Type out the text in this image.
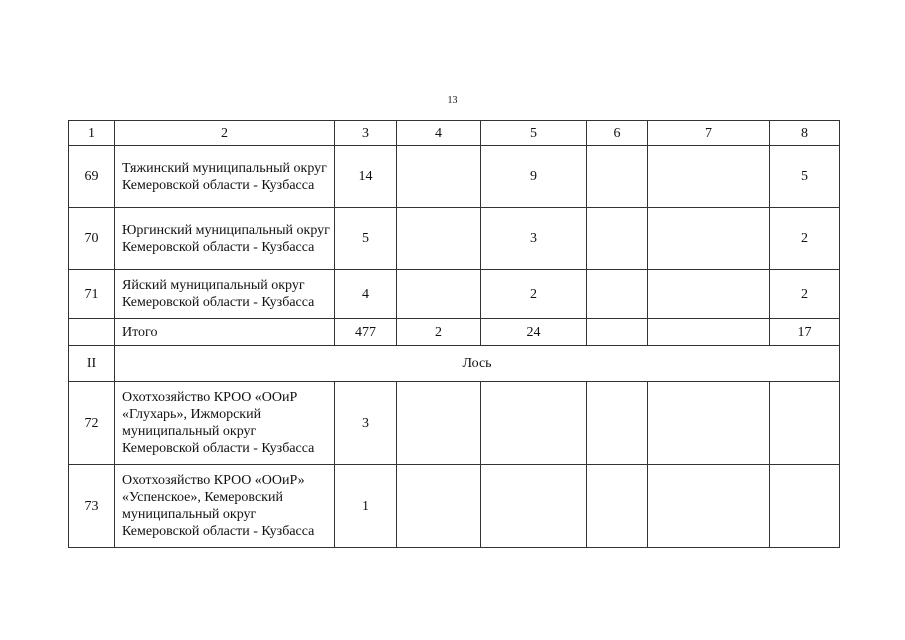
13
1	2	3	4	5	6	7	8
69	Тяжинский муниципальный округ Кемеровской области - Кузбасса	14		9			5
70	Юргинский муниципальный округ Кемеровской области - Кузбасса	5		3			2
71	Яйский муниципальный округ Кемеровской области - Кузбасса	4		2			2
	Итого	477	2	24			17
II	Лось						
72	Охотхозяйство КРОО «ООиР «Глухарь», Ижморский муниципальный округ Кемеровской области - Кузбасса	3					
73	Охотхозяйство КРОО «ООиР» «Успенское», Кемеровский муниципальный округ Кемеровской области - Кузбасса	1					
